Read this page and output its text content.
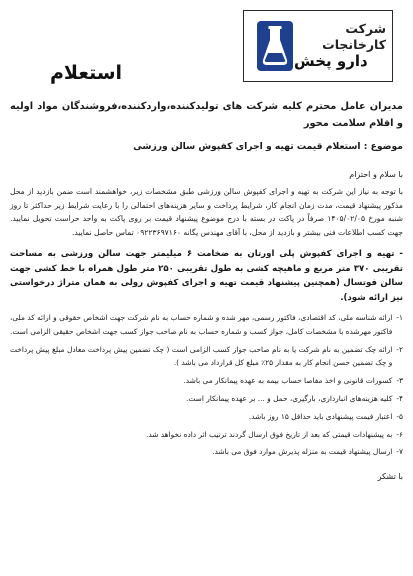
شرکت کارخانجات
دارو پخش
استعلام
مدیران عامل محترم کلیه شرکت های تولیدکننده،واردکننده،فروشندگان مواد اولیه و اقلام سلامت محور
موضوع : استعلام قیمت تهیه و اجرای کفپوش سالن ورزشی
با سلام و احترام
با توجه به نیاز این شرکت به تهیه و اجرای کفپوش سالن ورزشی طبق مشخصات زیر، خواهشمند است ضمن بازدید از محل مذکور پیشنهاد قیمت، مدت زمان انجام کار، شرایط پرداخت و سایر هزینه‌های احتمالی را با رعایت شرایط زیر حداکثر تا روز شنبه مورخ ۱۴۰۵/۰۲/۰۵ صرفاً در پاکت در بسته با درج موضوع پیشنهاد قیمت بر روی پاکت به واحد حراست تحویل نمایید. جهت کسب اطلاعات فنی بیشتر و بازدید از محل، با آقای مهندس یگانه ۰۹۲۲۳۶۹۷۱۶۰ تماس حاصل نمایید.
- تهیه و اجرای کفپوش پلی اورتان به ضخامت ۶ میلیمتر جهت سالن ورزشی به مساحت تقریبی ۳۷۰ متر مربع و ماهیچه کشی به طول تقریبی ۲۵۰ متر طول همراه با خط کشی جهت سالن فوتسال (همچنین پیشنهاد قیمت تهیه و اجرای کفپوش رولی به همان متراژ درخواستی نیز ارائه شود).
۱-
ارائه شناسه ملی، کد اقتصادی، فاکتور رسمی، مهر شده و شماره حساب به نام شرکت جهت اشخاص حقوقی و ارائه کد ملی، فاکتور مهرشده با مشخصات کامل، جواز کسب و شماره حساب به نام صاحب جواز کسب جهت اشخاص حقیقی الزامی است.
۲-
ارائه چک تضمین به نام شرکت یا به نام صاحب جواز کسب الزامی است ( چک تضمین پیش پرداخت معادل مبلغ پیش پرداخت و چک تضمین حسن انجام کار به مقدار ۲۵٪ مبلغ کل قرارداد می باشد ).
۳-
کسورات قانونی و اخذ مفاصا حساب بیمه به عهده پیمانکار می باشد.
۴-
کلیه هزینه‌های انبارداری، بارگیری، حمل و ... بر عهده پیمانکار است.
۵-
اعتبار قیمت پیشنهادی باید حداقل ۱۵ روز باشد.
۶-
به پیشنهادات قیمتی که بعد از تاریخ فوق ارسال گردند ترتیب اثر داده نخواهد شد.
۷-
ارسال پیشنهاد قیمت به منزله پذیرش موارد فوق می باشد.
با تشکر
